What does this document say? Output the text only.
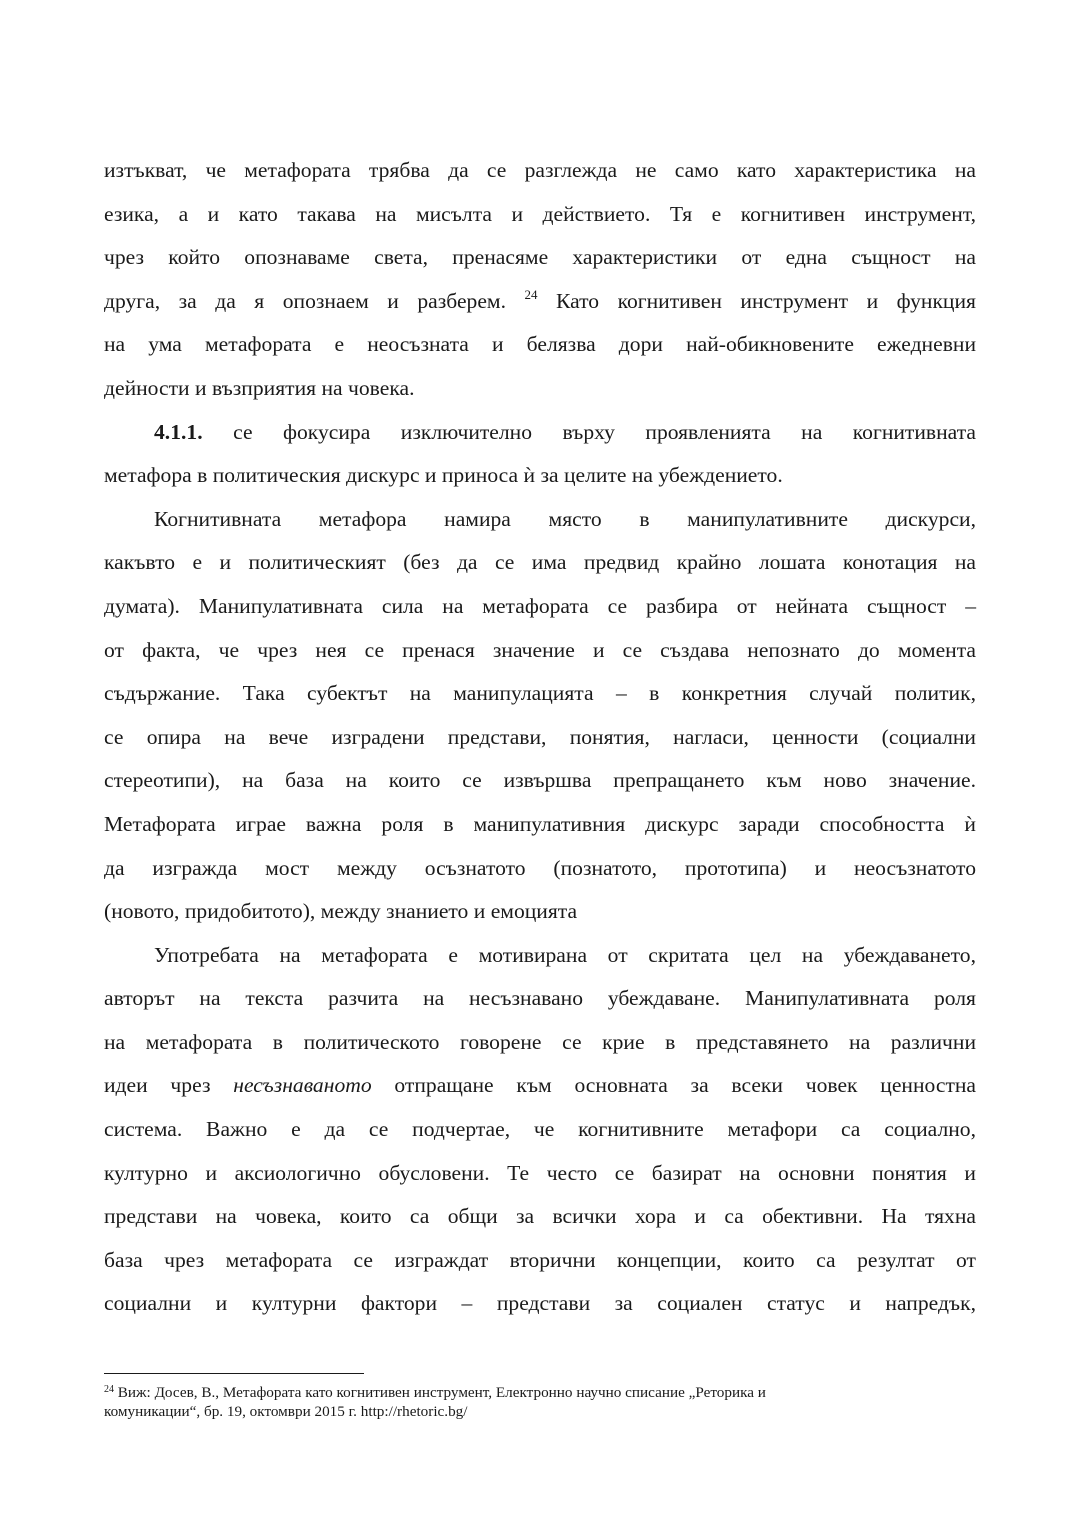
изтъкват, че метафората трябва да се разглежда не само като характеристика на
езика, а и като такава на мисълта и действието. Тя е когнитивен инструмент,
чрез който опознаваме света, пренасяме характеристики от една същност на
друга, за да я опознаем и разберем. $^{24}$ Като когнитивен инструмент и функция
на ума метафората е неосъзната и белязва дори най-обикновените ежедневни
дейности и възприятия на човека.
4.1.1. се фокусира изключително върху проявленията на когнитивната
метафора в политическия дискурс и приноса ѝ за целите на убеждението.
Когнитивната метафора намира място в манипулативните дискурси,
какъвто е и политическият (без да се има предвид крайно лошата конотация на
думата). Манипулативната сила на метафората се разбира от нейната същност –
от факта, че чрез нея се пренася значение и се създава непознато до момента
съдържание. Така субектът на манипулацията – в конкретния случай политик,
се опира на вече изградени представи, понятия, нагласи, ценности (социални
стереотипи), на база на които се извършва препращането към ново значение.
Метафората играе важна роля в манипулативния дискурс заради способността ѝ
да изгражда мост между осъзнатото (познатото, прототипа) и неосъзнатото
(новото, придобитото), между знанието и емоцията
Употребата на метафората е мотивирана от скритата цел на убеждаването,
авторът на текста разчита на несъзнавано убеждаване. Манипулативната роля
на метафората в политическото говорене се крие в представянето на различни
идеи чрез несъзнаваното отпращане към основната за всеки човек ценностна
система. Важно е да се подчертае, че когнитивните метафори са социално,
културно и аксиологично обусловени. Те често се базират на основни понятия и
представи на човека, които са общи за всички хора и са обективни. На тяхна
база чрез метафората се изграждат вторични концепции, които са резултат от
социални и културни фактори – представи за социален статус и напредък,
$^{24}$ Виж: Досев, В., Метафората като когнитивен инструмент, Електронно научно списание „Реторика и
комуникации“, бр. 19, октомври 2015 г. http://rhetoric.bg/
